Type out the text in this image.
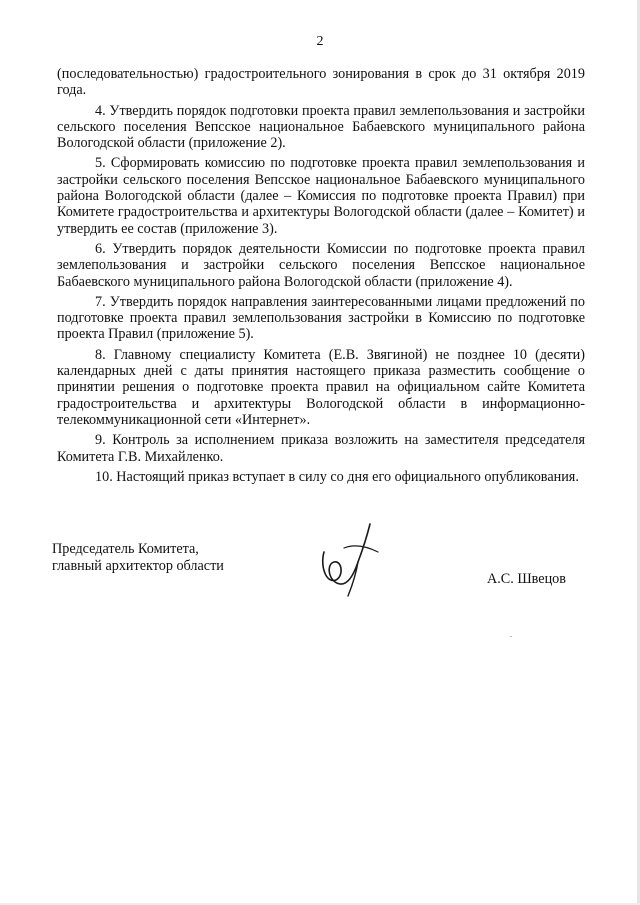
2

(последовательностью) градостроительного зонирования в срок до 31 октября 2019 года.

4. Утвердить порядок подготовки проекта правил землепользования и застройки сельского поселения Вепсское национальное Бабаевского муниципального района Вологодской области (приложение 2).

5. Сформировать комиссию по подготовке проекта правил землепользования и застройки сельского поселения Вепсское национальное Бабаевского муниципального района Вологодской области (далее – Комиссия по подготовке проекта Правил) при Комитете градостроительства и архитектуры Вологодской области (далее – Комитет) и утвердить ее состав (приложение 3).

6. Утвердить порядок деятельности Комиссии по подготовке проекта правил землепользования и застройки сельского поселения Вепсское национальное Бабаевского муниципального района Вологодской области (приложение 4).

7. Утвердить порядок направления заинтересованными лицами предложений по подготовке проекта правил землепользования застройки в Комиссию по подготовке проекта Правил (приложение 5).

8. Главному специалисту Комитета (Е.В. Звягиной) не позднее 10 (десяти) календарных дней с даты принятия настоящего приказа разместить сообщение о принятии решения о подготовке проекта правил на официальном сайте Комитета градостроительства и архитектуры Вологодской области в информационно-телекоммуникационной сети «Интернет».

9. Контроль за исполнением приказа возложить на заместителя председателя Комитета Г.В. Михайленко.

10. Настоящий приказ вступает в силу со дня его официального опубликования.

Председатель Комитета,
главный архитектор области
А.С. Швецов
